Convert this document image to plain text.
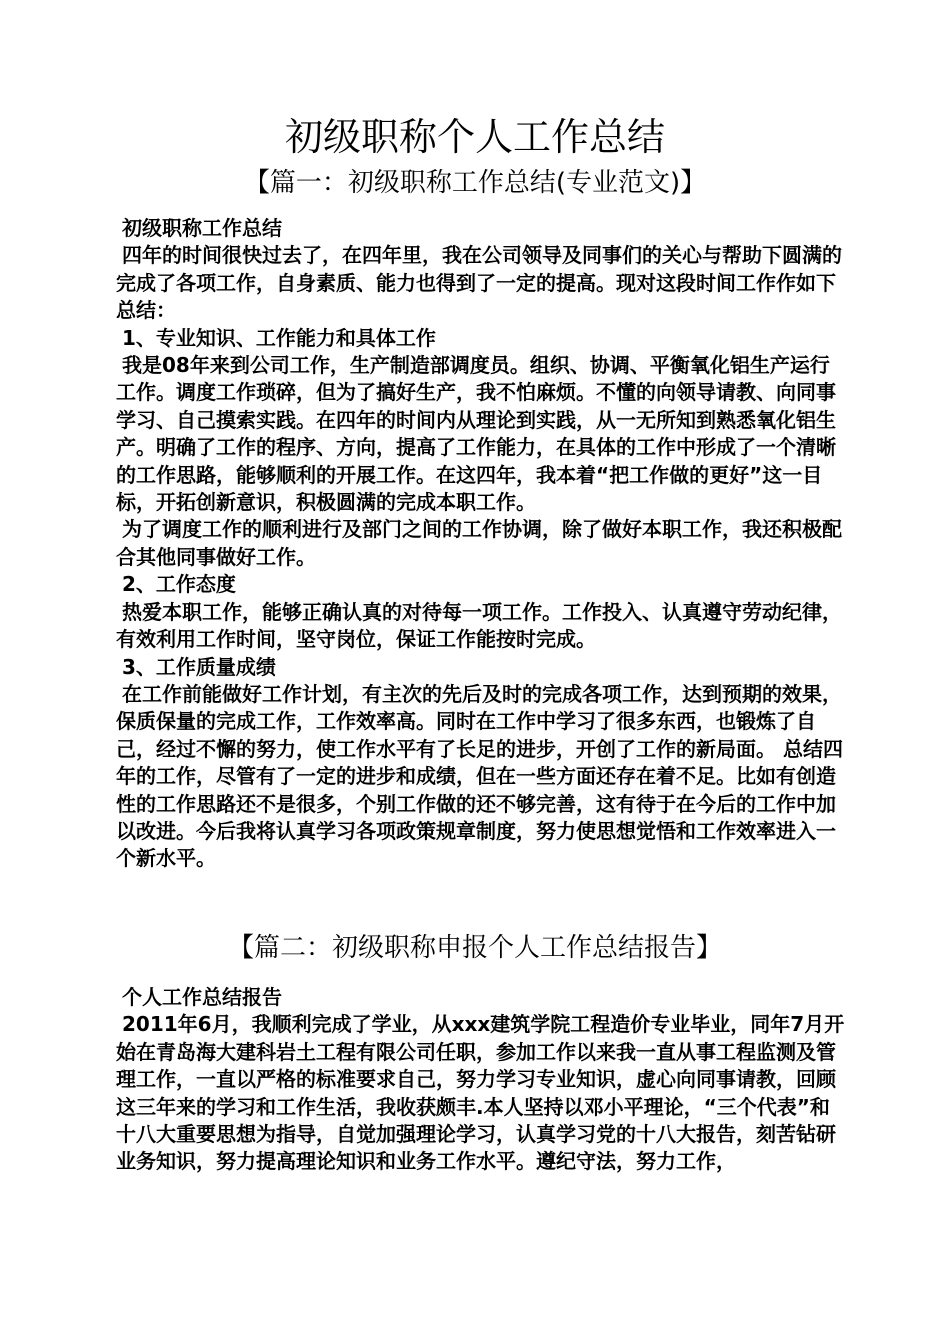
初级职称个人工作总结
【篇一：初级职称工作总结(专业范文)】

初级职称工作总结

四年的时间很快过去了，在四年里，我在公司领导及同事们的关心与帮助下圆满的完成了各项工作，自身素质、能力也得到了一定的提高。现对这段时间工作作如下总结：

1、专业知识、工作能力和具体工作

我是08年来到公司工作，生产制造部调度员。组织、协调、平衡氧化铝生产运行工作。调度工作琐碎，但为了搞好生产，我不怕麻烦。不懂的向领导请教、向同事学习、自己摸索实践。在四年的时间内从理论到实践，从一无所知到熟悉氧化铝生产。明确了工作的程序、方向，提高了工作能力，在具体的工作中形成了一个清晰的工作思路，能够顺利的开展工作。在这四年，我本着“把工作做的更好”这一目标，开拓创新意识，积极圆满的完成本职工作。

为了调度工作的顺利进行及部门之间的工作协调，除了做好本职工作，我还积极配合其他同事做好工作。

2、工作态度

热爱本职工作，能够正确认真的对待每一项工作。工作投入、认真遵守劳动纪律，有效利用工作时间，坚守岗位，保证工作能按时完成。

3、工作质量成绩

在工作前能做好工作计划，有主次的先后及时的完成各项工作，达到预期的效果，保质保量的完成工作，工作效率高。同时在工作中学习了很多东西，也锻炼了自己，经过不懈的努力，使工作水平有了长足的进步，开创了工作的新局面。 总结四年的工作，尽管有了一定的进步和成绩，但在一些方面还存在着不足。比如有创造性的工作思路还不是很多，个别工作做的还不够完善，这有待于在今后的工作中加以改进。今后我将认真学习各项政策规章制度，努力使思想觉悟和工作效率进入一个新水平。

【篇二：初级职称申报个人工作总结报告】

个人工作总结报告

2011年6月，我顺利完成了学业，从xxx建筑学院工程造价专业毕业，同年7月开始在青岛海大建科岩土工程有限公司任职，参加工作以来我一直从事工程监测及管理工作，一直以严格的标准要求自己，努力学习专业知识，虚心向同事请教，回顾这三年来的学习和工作生活，我收获颇丰.本人坚持以邓小平理论，“三个代表”和十八大重要思想为指导，自觉加强理论学习，认真学习党的十八大报告，刻苦钻研业务知识，努力提高理论知识和业务工作水平。遵纪守法，努力工作，
